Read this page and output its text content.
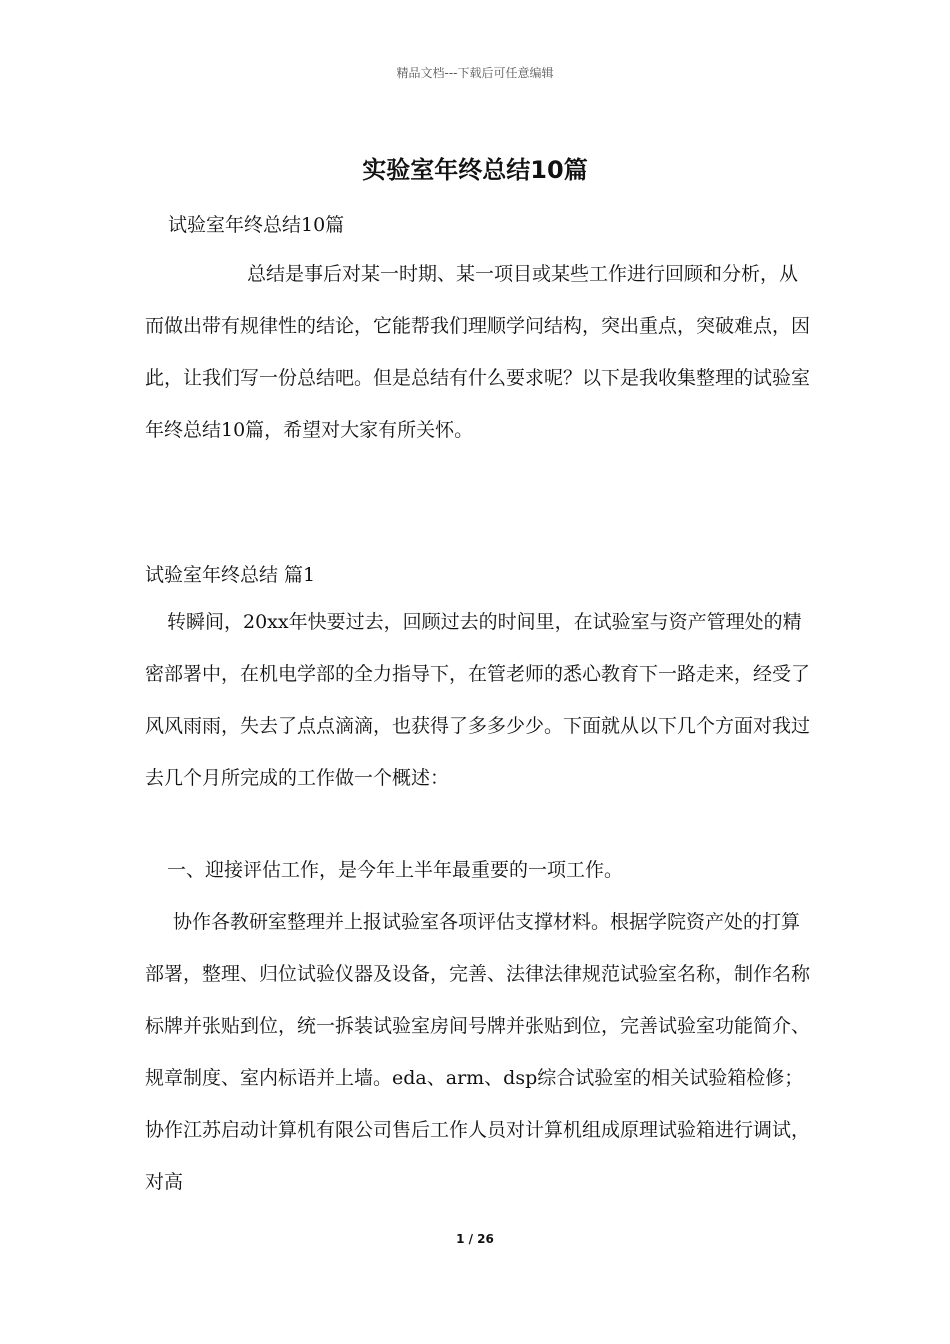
精品文档---下载后可任意编辑
实验室年终总结10篇
试验室年终总结10篇

总结是事后对某一时期、某一项目或某些工作进行回顾和分析，从而做出带有规律性的结论，它能帮我们理顺学问结构，突出重点，突破难点，因此，让我们写一份总结吧。但是总结有什么要求呢？以下是我收集整理的试验室年终总结10篇，希望对大家有所关怀。

试验室年终总结 篇1

转瞬间，20xx年快要过去，回顾过去的时间里，在试验室与资产管理处的精密部署中，在机电学部的全力指导下，在管老师的悉心教育下一路走来，经受了风风雨雨，失去了点点滴滴，也获得了多多少少。下面就从以下几个方面对我过去几个月所完成的工作做一个概述：

一、迎接评估工作，是今年上半年最重要的一项工作。

协作各教研室整理并上报试验室各项评估支撑材料。根据学院资产处的打算部署，整理、归位试验仪器及设备，完善、法律法律规范试验室名称，制作名称标牌并张贴到位，统一拆装试验室房间号牌并张贴到位，完善试验室功能简介、规章制度、室内标语并上墙。eda、arm、dsp综合试验室的相关试验箱检修；协作江苏启动计算机有限公司售后工作人员对计算机组成原理试验箱进行调试，对高

1 / 26
